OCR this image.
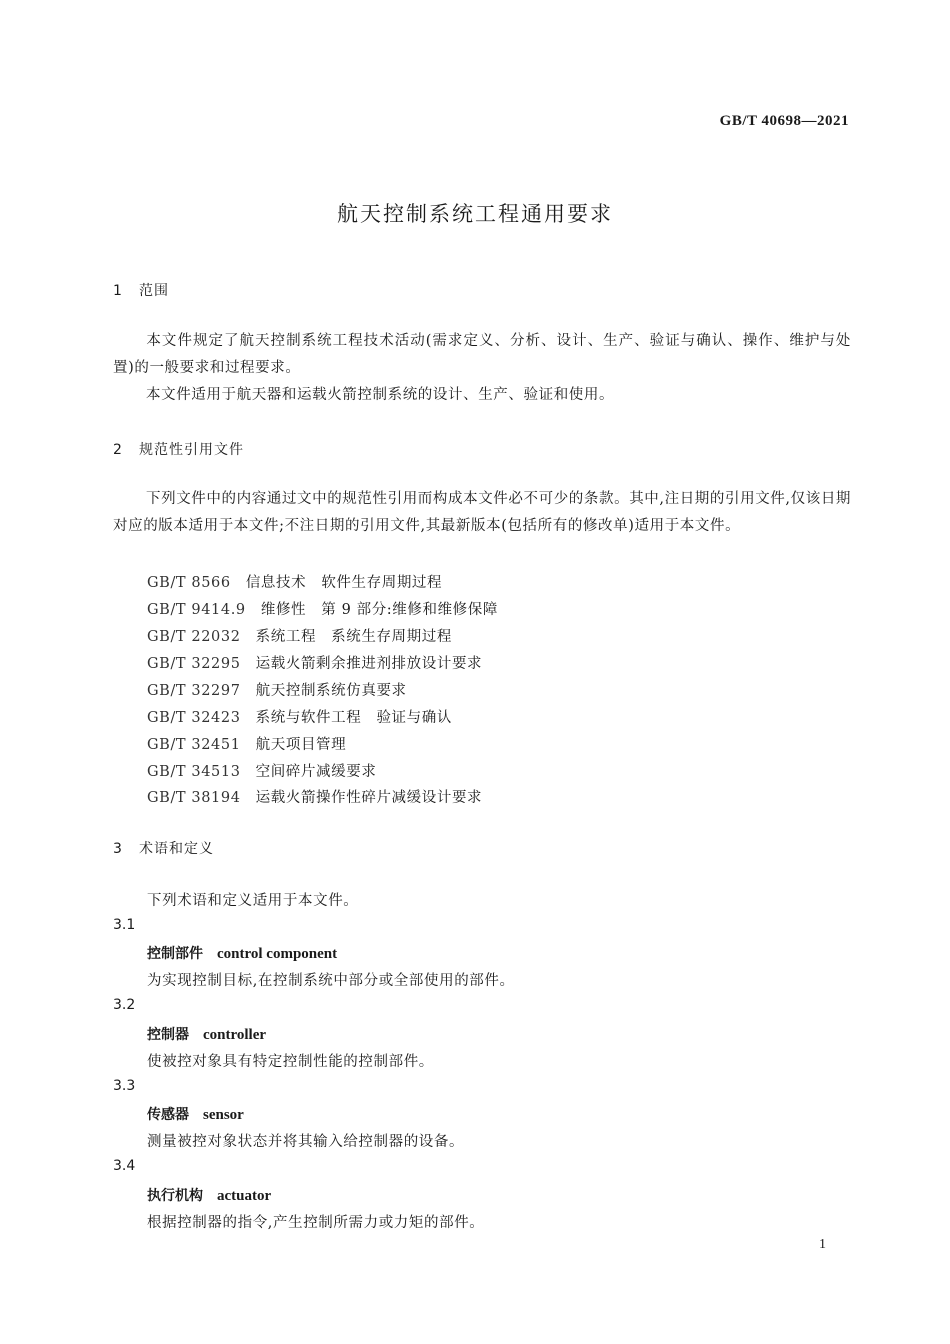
GB/T 40698—2021
航天控制系统工程通用要求
1 范围
本文件规定了航天控制系统工程技术活动(需求定义、分析、设计、生产、验证与确认、操作、维护与处置)的一般要求和过程要求。
本文件适用于航天器和运载火箭控制系统的设计、生产、验证和使用。
2 规范性引用文件
下列文件中的内容通过文中的规范性引用而构成本文件必不可少的条款。其中,注日期的引用文件,仅该日期对应的版本适用于本文件;不注日期的引用文件,其最新版本(包括所有的修改单)适用于本文件。
GB/T 8566　 信息技术　软件生存周期过程
GB/T 9414.9　 维修性　第 9 部分:维修和维修保障
GB/T 22032　 系统工程　系统生存周期过程
GB/T 32295　 运载火箭剩余推进剂排放设计要求
GB/T 32297　 航天控制系统仿真要求
GB/T 32423　 系统与软件工程　验证与确认
GB/T 32451　 航天项目管理
GB/T 34513　 空间碎片减缓要求
GB/T 38194　 运载火箭操作性碎片减缓设计要求
3 术语和定义
下列术语和定义适用于本文件。
3.1
控制部件 control component
为实现控制目标,在控制系统中部分或全部使用的部件。
3.2
控制器 controller
使被控对象具有特定控制性能的控制部件。
3.3
传感器 sensor
测量被控对象状态并将其输入给控制器的设备。
3.4
执行机构 actuator
根据控制器的指令,产生控制所需力或力矩的部件。
1
